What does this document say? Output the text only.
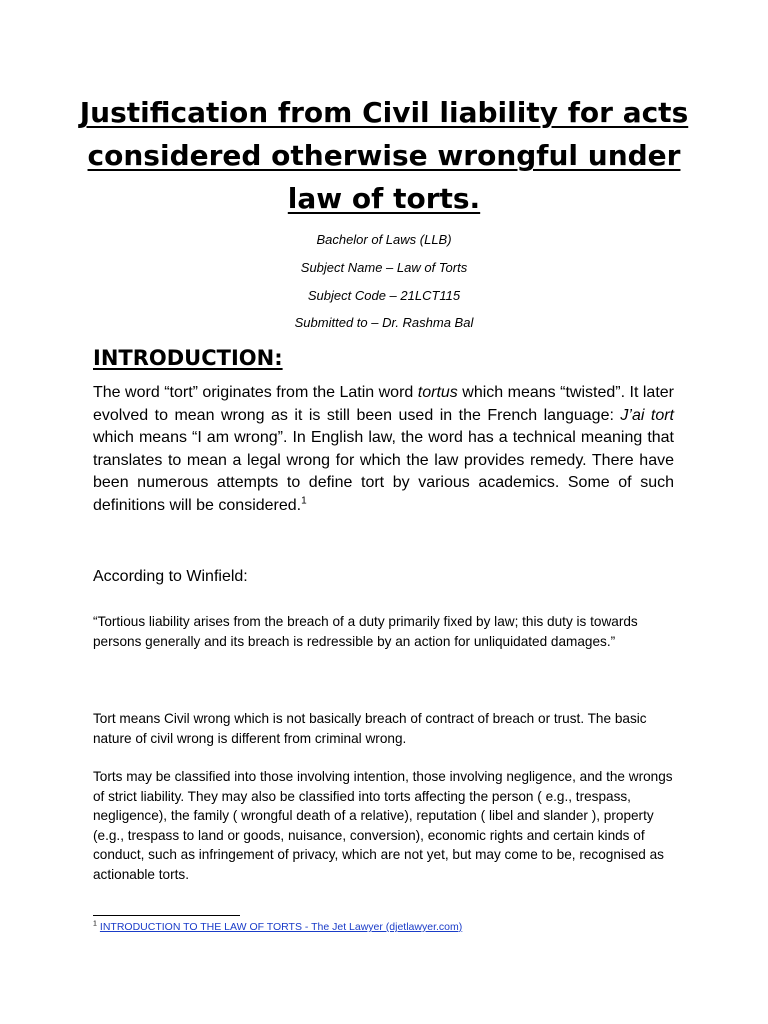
Justification from Civil liability for acts considered otherwise wrongful under law of torts.
Bachelor of Laws (LLB)
Subject Name – Law of Torts
Subject Code – 21LCT115
Submitted to – Dr. Rashma Bal
INTRODUCTION:

The word “tort” originates from the Latin word tortus which means “twisted”. It later evolved to mean wrong as it is still been used in the French language: J’ai tort which means “I am wrong”. In English law, the word has a technical meaning that translates to mean a legal wrong for which the law provides remedy. There have been numerous attempts to define tort by various academics. Some of such definitions will be considered.$^1$

According to Winfield:

“Tortious liability arises from the breach of a duty primarily fixed by law; this duty is towards persons generally and its breach is redressible by an action for unliquidated damages.”

Tort means Civil wrong which is not basically breach of contract of breach or trust. The basic nature of civil wrong is different from criminal wrong.

Torts may be classified into those involving intention, those involving negligence, and the wrongs of strict liability. They may also be classified into torts affecting the person ( e.g., trespass, negligence), the family ( wrongful death of a relative), reputation ( libel and slander ), property (e.g., trespass to land or goods, nuisance, conversion), economic rights and certain kinds of conduct, such as infringement of privacy, which are not yet, but may come to be, recognised as actionable torts.

$^1$ INTRODUCTION TO THE LAW OF TORTS - The Jet Lawyer (djetlawyer.com)
